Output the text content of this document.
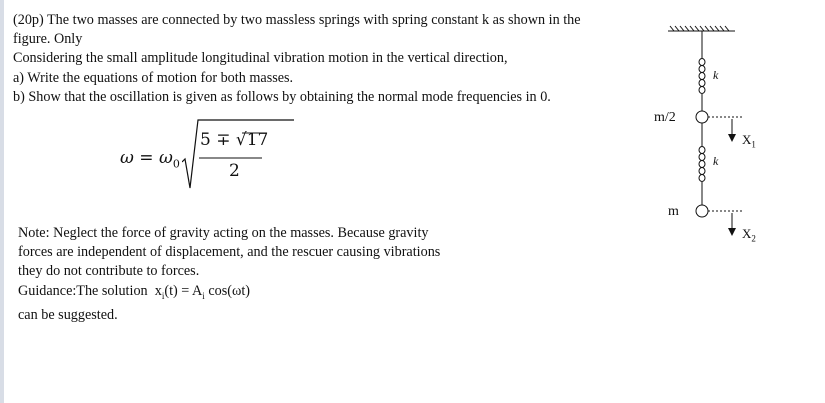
(20p) The two masses are connected by two massless springs with spring constant k as shown in the
figure. Only
Considering the small amplitude longitudinal vibration motion in the vertical direction,
a) Write the equations of motion for both masses.
b) Show that the oscillation is given as follows by obtaining the normal mode frequencies in 0.
$\omega = \omega_0$
5 ∓ √17
2
Note: Neglect the force of gravity acting on the masses. Because gravity
forces are independent of displacement, and the rescuer causing vibrations
they do not contribute to forces.
Guidance:The solution $x_i(t) = A_i$ cos(ωt)
can be suggested.
k
k
m/2
m
$X_1$
$X_2$
